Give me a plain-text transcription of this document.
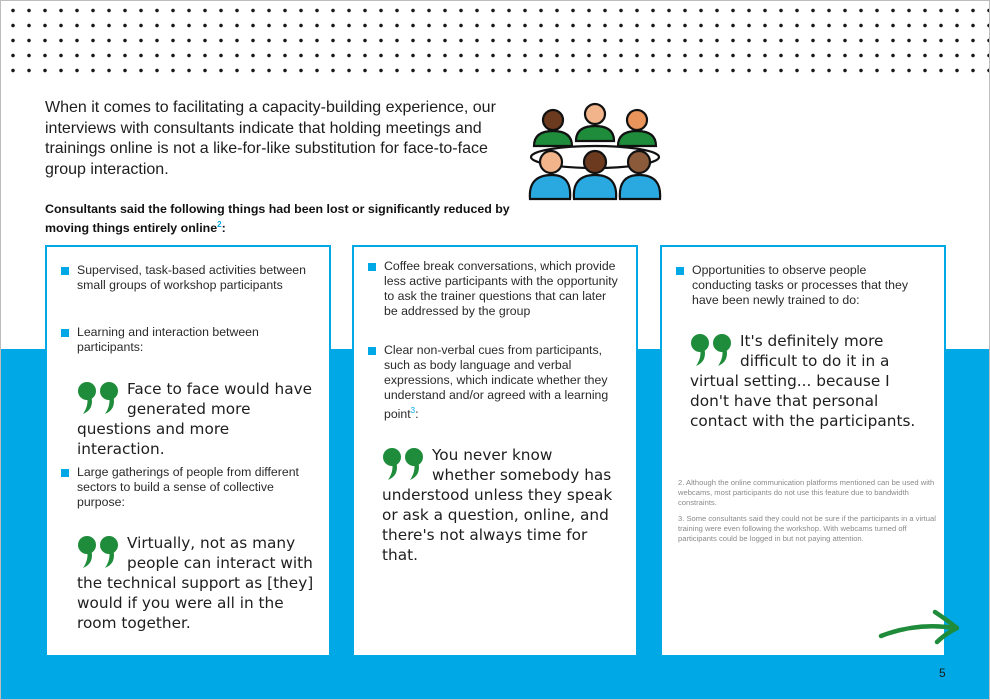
When it comes to facilitating a capacity-building experience, our interviews with consultants indicate that holding meetings and trainings online is not a like-for-like substitution for face-to-face group interaction.

Consultants said the following things had been lost or significantly reduced by moving things entirely online$^2$:

Supervised, task-based activities between small groups of workshop participants
Learning and interaction between participants:
Face to face would have generated more questions and more interaction.
Large gatherings of people from different sectors to build a sense of collective purpose:
Virtually, not as many people can interact with the technical support as [they] would if you were all in the room together.
Coffee break conversations, which provide less active participants with the opportunity to ask the trainer questions that can later be addressed by the group
Clear non-verbal cues from participants, such as body language and verbal expressions, which indicate whether they understand and/or agreed with a learning point$^3$:
You never know whether somebody has understood unless they speak or ask a question, online, and there's not always time for that.
Opportunities to observe people conducting tasks or processes that they have been newly trained to do:
It's definitely more difficult to do it in a virtual setting... because I don't have that personal contact with the participants.

2. Although the online communication platforms mentioned can be used with webcams, most participants do not use this feature due to bandwidth constraints.

3. Some consultants said they could not be sure if the participants in a virtual training were even following the workshop. With webcams turned off participants could be logged in but not paying attention.

5
